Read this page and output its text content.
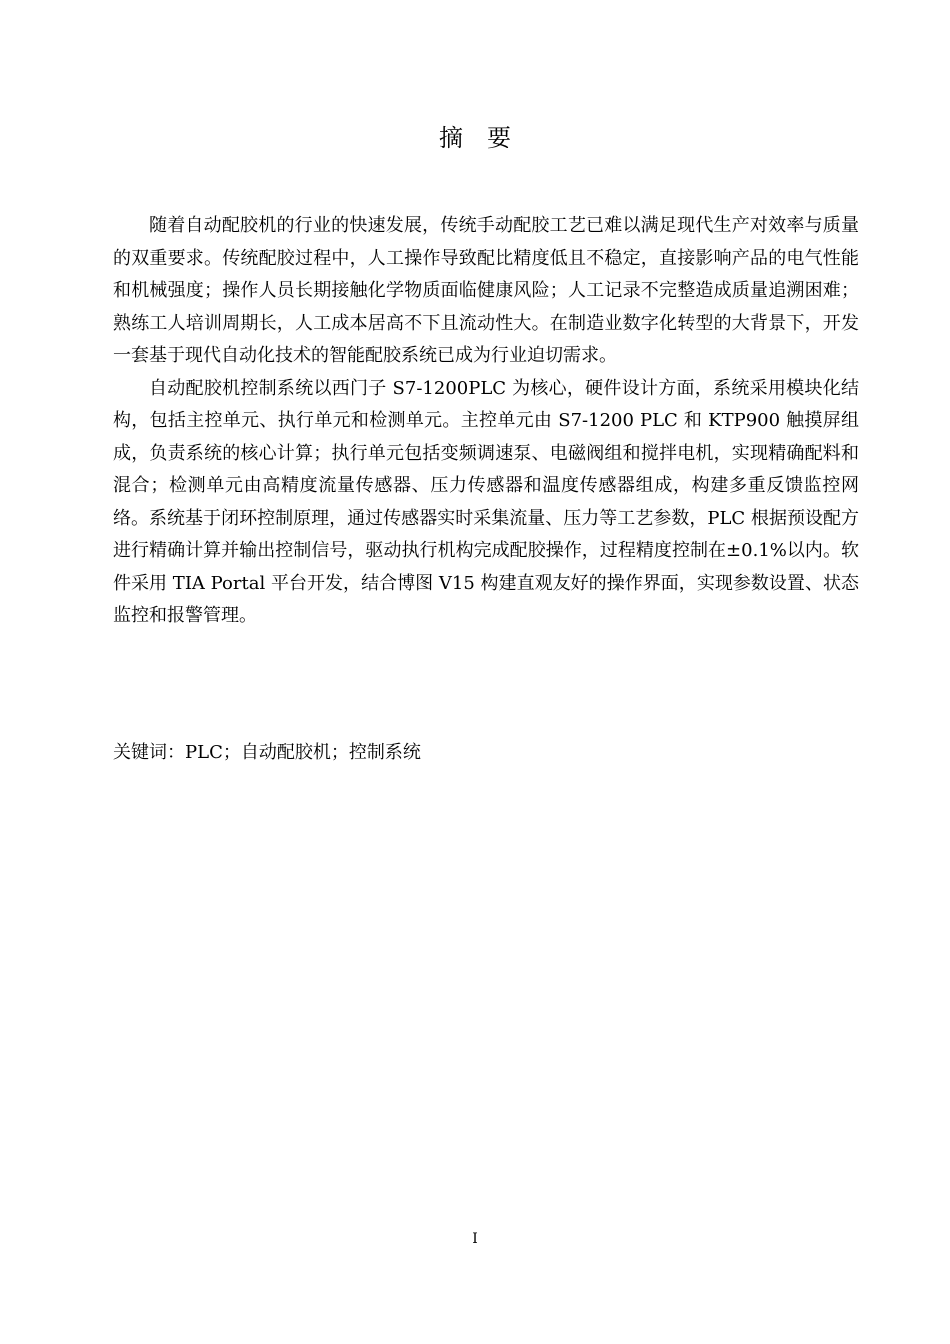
摘要

随着自动配胶机的行业的快速发展，传统手动配胶工艺已难以满足现代生产对效率与质量的双重要求。传统配胶过程中，人工操作导致配比精度低且不稳定，直接影响产品的电气性能和机械强度；操作人员长期接触化学物质面临健康风险；人工记录不完整造成质量追溯困难；熟练工人培训周期长，人工成本居高不下且流动性大。在制造业数字化转型的大背景下，开发一套基于现代自动化技术的智能配胶系统已成为行业迫切需求。

自动配胶机控制系统以西门子 S7-1200PLC 为核心，硬件设计方面，系统采用模块化结构，包括主控单元、执行单元和检测单元。主控单元由 S7-1200 PLC 和 KTP900 触摸屏组成，负责系统的核心计算；执行单元包括变频调速泵、电磁阀组和搅拌电机，实现精确配料和混合；检测单元由高精度流量传感器、压力传感器和温度传感器组成，构建多重反馈监控网络。系统基于闭环控制原理，通过传感器实时采集流量、压力等工艺参数，PLC 根据预设配方进行精确计算并输出控制信号，驱动执行机构完成配胶操作，过程精度控制在±0.1%以内。软件采用 TIA Portal 平台开发，结合博图 V15 构建直观友好的操作界面，实现参数设置、状态监控和报警管理。

关键词：PLC；自动配胶机；控制系统
I
